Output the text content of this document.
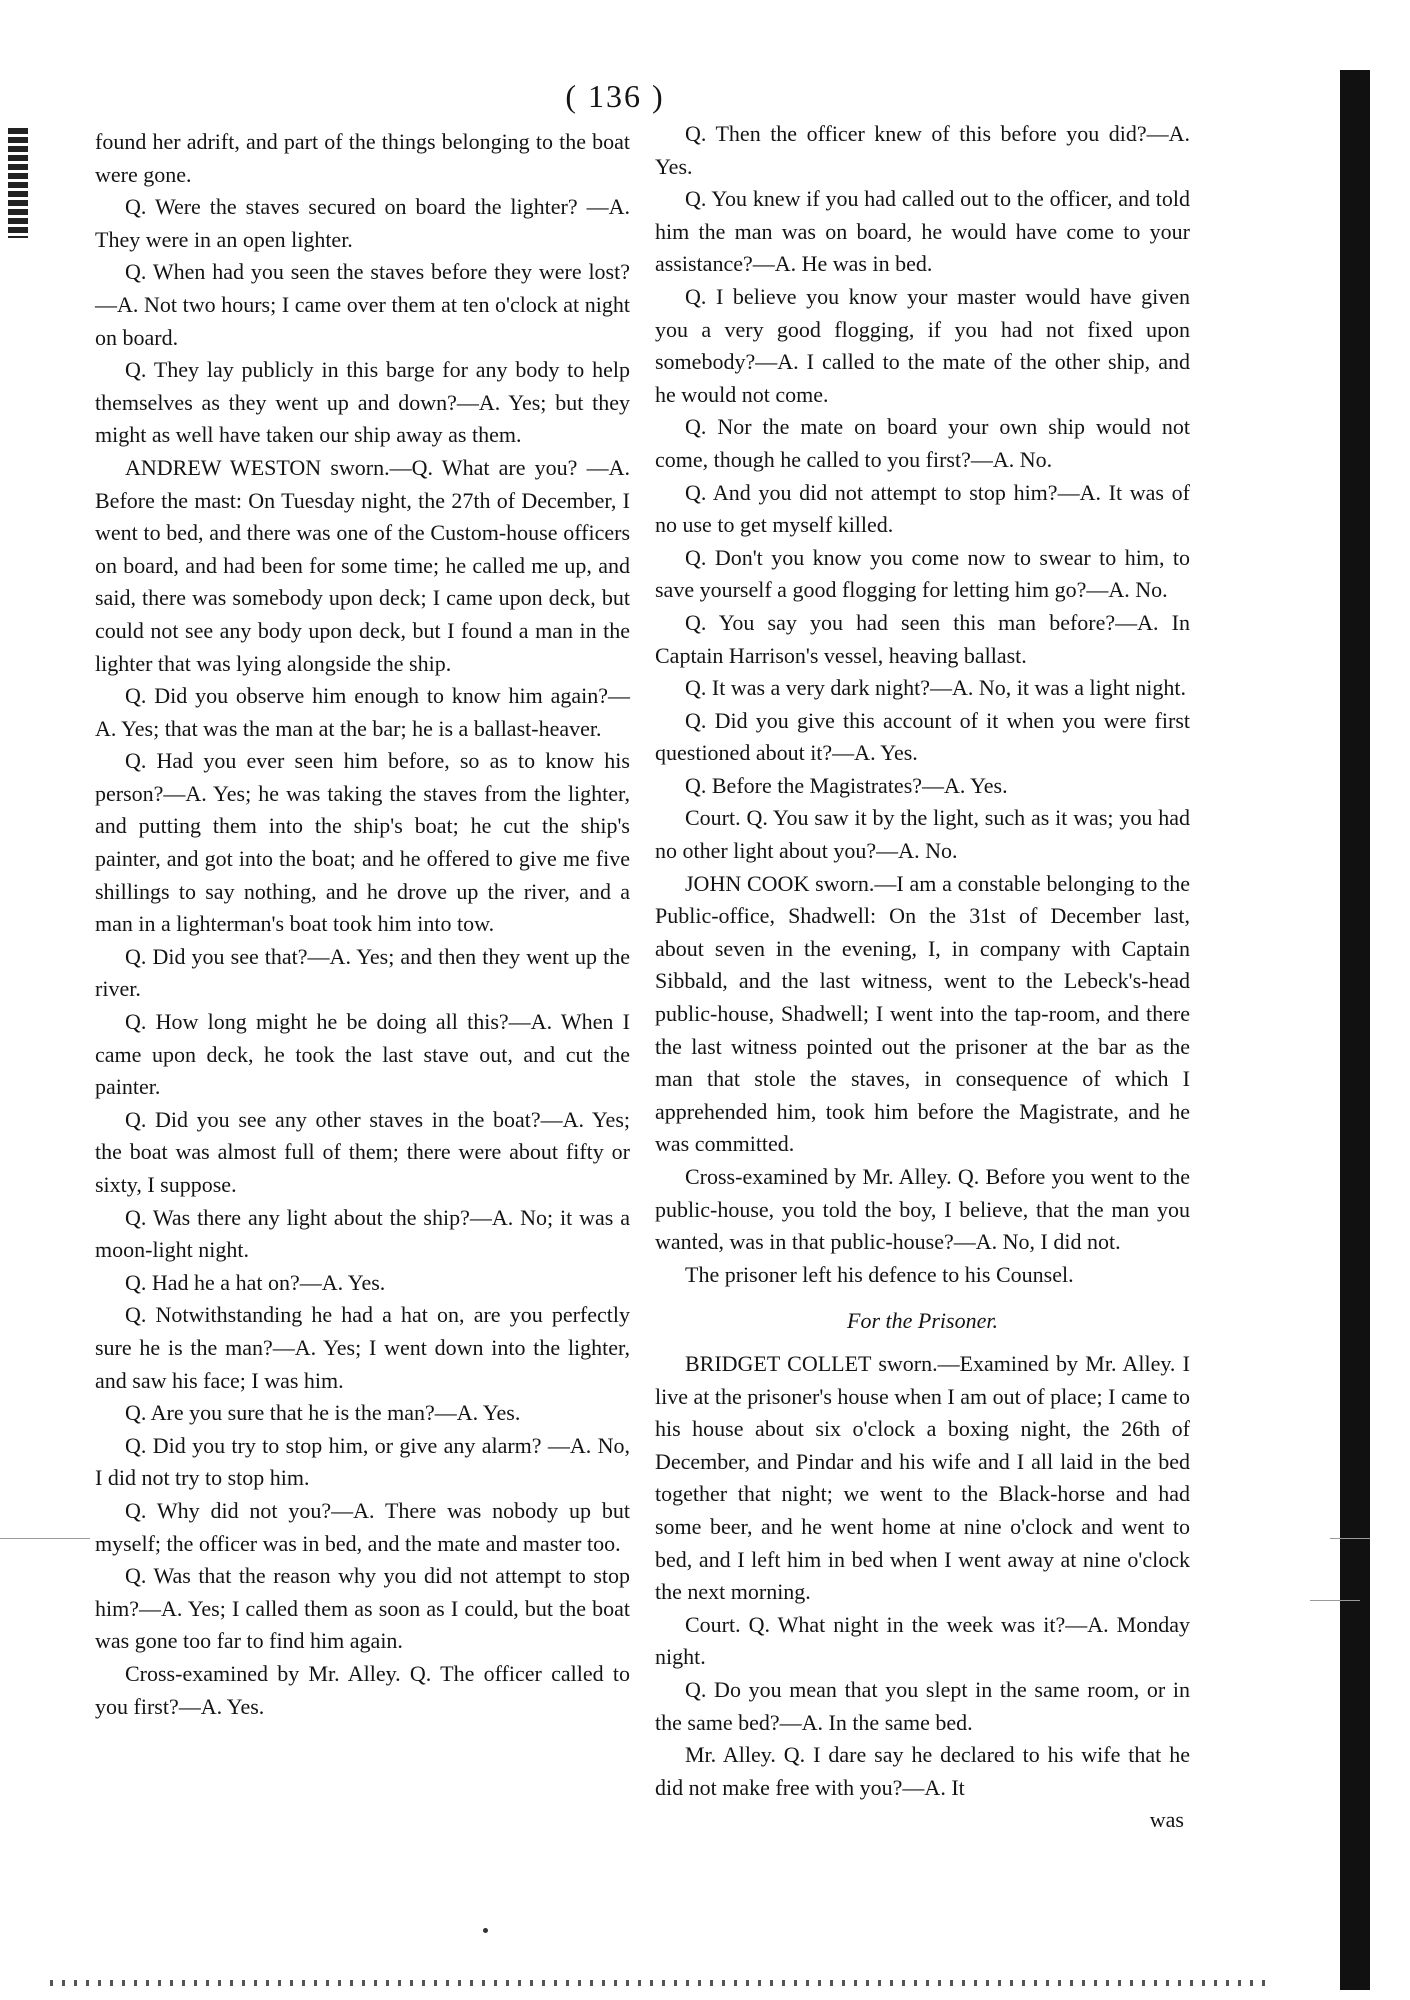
( 136 )

found her adrift, and part of the things belonging to the boat were gone.

Q. Were the staves secured on board the lighter? —A. They were in an open lighter.

Q. When had you seen the staves before they were lost?—A. Not two hours; I came over them at ten o'clock at night on board.

Q. They lay publicly in this barge for any body to help themselves as they went up and down?—A. Yes; but they might as well have taken our ship away as them.

ANDREW WESTON sworn.—Q. What are you? —A. Before the mast: On Tuesday night, the 27th of December, I went to bed, and there was one of the Custom-house officers on board, and had been for some time; he called me up, and said, there was somebody upon deck; I came upon deck, but could not see any body upon deck, but I found a man in the lighter that was lying alongside the ship.

Q. Did you observe him enough to know him again?—A. Yes; that was the man at the bar; he is a ballast-heaver.

Q. Had you ever seen him before, so as to know his person?—A. Yes; he was taking the staves from the lighter, and putting them into the ship's boat; he cut the ship's painter, and got into the boat; and he offered to give me five shillings to say nothing, and he drove up the river, and a man in a lighterman's boat took him into tow.

Q. Did you see that?—A. Yes; and then they went up the river.

Q. How long might he be doing all this?—A. When I came upon deck, he took the last stave out, and cut the painter.

Q. Did you see any other staves in the boat?—A. Yes; the boat was almost full of them; there were about fifty or sixty, I suppose.

Q. Was there any light about the ship?—A. No; it was a moon-light night.

Q. Had he a hat on?—A. Yes.

Q. Notwithstanding he had a hat on, are you perfectly sure he is the man?—A. Yes; I went down into the lighter, and saw his face; I was him.

Q. Are you sure that he is the man?—A. Yes.

Q. Did you try to stop him, or give any alarm? —A. No, I did not try to stop him.

Q. Why did not you?—A. There was nobody up but myself; the officer was in bed, and the mate and master too.

Q. Was that the reason why you did not attempt to stop him?—A. Yes; I called them as soon as I could, but the boat was gone too far to find him again.

Cross-examined by Mr. Alley. Q. The officer called to you first?—A. Yes.

Q. Then the officer knew of this before you did?—A. Yes.

Q. You knew if you had called out to the officer, and told him the man was on board, he would have come to your assistance?—A. He was in bed.

Q. I believe you know your master would have given you a very good flogging, if you had not fixed upon somebody?—A. I called to the mate of the other ship, and he would not come.

Q. Nor the mate on board your own ship would not come, though he called to you first?—A. No.

Q. And you did not attempt to stop him?—A. It was of no use to get myself killed.

Q. Don't you know you come now to swear to him, to save yourself a good flogging for letting him go?—A. No.

Q. You say you had seen this man before?—A. In Captain Harrison's vessel, heaving ballast.

Q. It was a very dark night?—A. No, it was a light night.

Q. Did you give this account of it when you were first questioned about it?—A. Yes.

Q. Before the Magistrates?—A. Yes.

Court. Q. You saw it by the light, such as it was; you had no other light about you?—A. No.

JOHN COOK sworn.—I am a constable belonging to the Public-office, Shadwell: On the 31st of December last, about seven in the evening, I, in company with Captain Sibbald, and the last witness, went to the Lebeck's-head public-house, Shadwell; I went into the tap-room, and there the last witness pointed out the prisoner at the bar as the man that stole the staves, in consequence of which I apprehended him, took him before the Magistrate, and he was committed.

Cross-examined by Mr. Alley. Q. Before you went to the public-house, you told the boy, I believe, that the man you wanted, was in that public-house?—A. No, I did not.

The prisoner left his defence to his Counsel.

For the Prisoner.

BRIDGET COLLET sworn.—Examined by Mr. Alley. I live at the prisoner's house when I am out of place; I came to his house about six o'clock a boxing night, the 26th of December, and Pindar and his wife and I all laid in the bed together that night; we went to the Black-horse and had some beer, and he went home at nine o'clock and went to bed, and I left him in bed when I went away at nine o'clock the next morning.

Court. Q. What night in the week was it?—A. Monday night.

Q. Do you mean that you slept in the same room, or in the same bed?—A. In the same bed.

Mr. Alley. Q. I dare say he declared to his wife that he did not make free with you?—A. It

was
